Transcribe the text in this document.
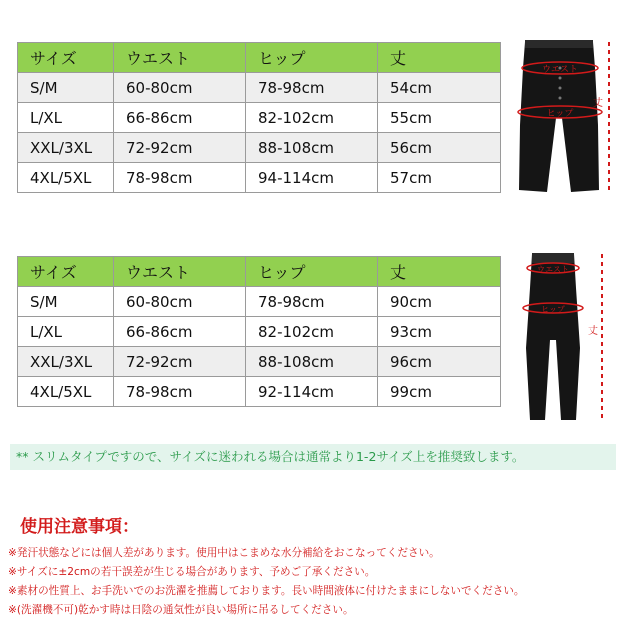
サイズ	ウエスト	ヒップ	丈
S/M	60-80cm	78-98cm	54cm
L/XL	66-86cm	82-102cm	55cm
XXL/3XL	72-92cm	88-108cm	56cm
4XL/5XL	78-98cm	94-114cm	57cm
ウエスト
ヒップ
丈
サイズ	ウエスト	ヒップ	丈
S/M	60-80cm	78-98cm	90cm
L/XL	66-86cm	82-102cm	93cm
XXL/3XL	72-92cm	88-108cm	96cm
4XL/5XL	78-98cm	92-114cm	99cm
ウエスト
ヒップ
丈
** スリムタイプですので、サイズに迷われる場合は通常より1-2サイズ上を推奨致します。
使用注意事項：
※発汗状態などには個人差があります。使用中はこまめな水分補給をおこなってください。
※サイズに±2cmの若干誤差が生じる場合があります、予めご了承ください。
※素材の性質上、お手洗いでのお洗濯を推薦しております。長い時間液体に付けたままにしないでください。
※(洗濯機不可)乾かす時は日陰の通気性が良い場所に吊るしてください。
